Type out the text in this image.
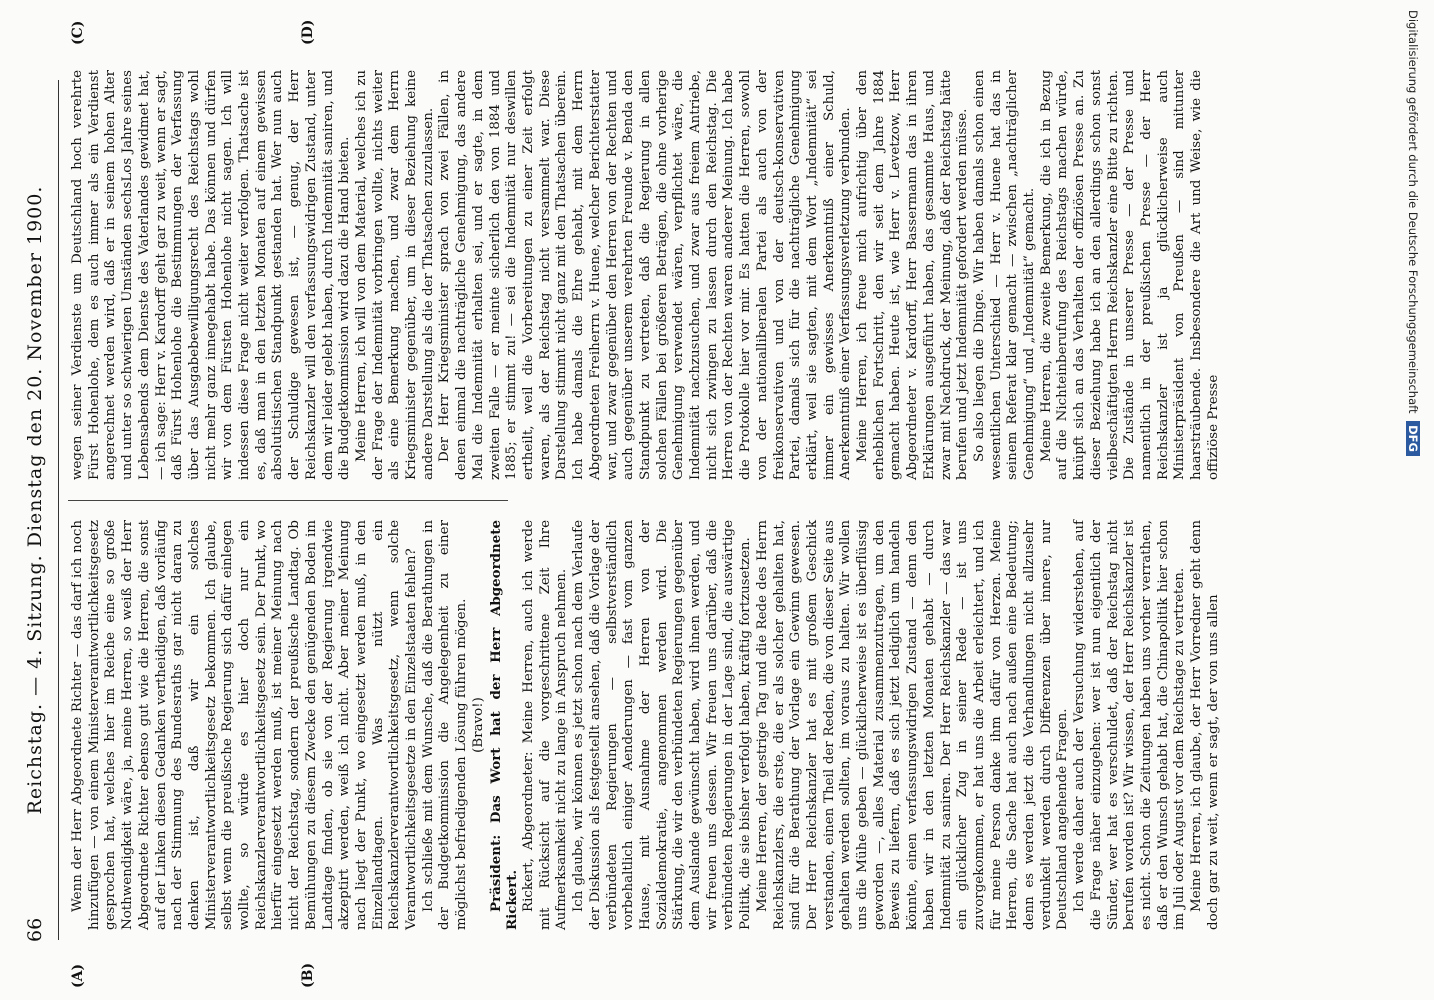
66
Reichstag. — 4. Sitzung. Dienstag den 20. November 1900.
(A)	(B)
(C)	(D)

Wenn der Herr Abgeordnete Richter — das darf ich noch hinzufügen — von einem Ministerverantwortlichkeitsgesetz gesprochen hat, welches hier im Reiche eine so große Nothwendigkeit wäre, ja, meine Herren, so weiß der Herr Abgeordnete Richter ebenso gut wie die Herren, die sonst auf der Linken diesen Gedanken vertheidigen, daß vorläufig nach der Stimmung des Bundesraths gar nicht daran zu denken ist, daß wir ein solches Ministerverantwortlichkeitsgesetz bekommen. Ich glaube, selbst wenn die preußische Regierung sich dafür einlegen wollte, so würde es hier doch nur ein Reichskanzlerverantwortlichkeitsgesetz sein. Der Punkt, wo hierfür eingesetzt werden muß, ist meiner Meinung nach nicht der Reichstag, sondern der preußische Landtag. Ob Bemühungen zu diesem Zwecke den genügenden Boden im Landtage finden, ob sie von der Regierung irgendwie akzeptirt werden, weiß ich nicht. Aber meiner Meinung nach liegt der Punkt, wo eingesetzt werden muß, in den Einzellandtagen. Was nützt ein Reichskanzlerverantwortlichkeitsgesetz, wenn solche Verantwortlichkeitsgesetze in den Einzelstaaten fehlen? Ich schließe mit dem Wunsche, daß die Berathungen in der Budgetkommission die Angelegenheit zu einer möglichst befriedigenden Lösung führen mögen. (Bravo!) Präsident: Das Wort hat der Herr Abgeordnete Rickert. Rickert, Abgeordneter: Meine Herren, auch ich werde mit Rücksicht auf die vorgeschrittene Zeit Ihre Aufmerksamkeit nicht zu lange in Anspruch nehmen. Ich glaube, wir können es jetzt schon nach dem Verlaufe der Diskussion als festgestellt ansehen, daß die Vorlage der verbündeten Regierungen — selbstverständlich vorbehaltlich einiger Aenderungen — fast vom ganzen Hause, mit Ausnahme der Herren von der Sozialdemokratie, angenommen werden wird. Die Stärkung, die wir den verbündeten Regierungen gegenüber dem Auslande gewünscht haben, wird ihnen werden, und wir freuen uns dessen. Wir freuen uns darüber, daß die verbündeten Regierungen in der Lage sind, die auswärtige Politik, die sie bisher verfolgt haben, kräftig fortzusetzen. Meine Herren, der gestrige Tag und die Rede des Herrn Reichskanzlers, die erste, die er als solcher gehalten hat, sind für die Berathung der Vorlage ein Gewinn gewesen. Der Herr Reichskanzler hat es mit großem Geschick verstanden, einen Theil der Reden, die von dieser Seite aus gehalten werden sollten, im voraus zu halten. Wir wollen uns die Mühe geben — glücklicherweise ist es überflüssig geworden —, alles Material zusammenzutragen, um den Beweis zu liefern, daß es sich jetzt lediglich um handeln könnte, einen verfassungswidrigen Zustand — denn den haben wir in den letzten Monaten gehabt — durch Indemnität zu saniren. Der Herr Reichskanzler — das war ein glücklicher Zug in seiner Rede — ist uns zuvorgekommen, er hat uns die Arbeit erleichtert, und ich für meine Person danke ihm dafür von Herzen. Meine Herren, die Sache hat auch nach außen eine Bedeutung; denn es werden jetzt die Verhandlungen nicht allzusehr verdunkelt werden durch Differenzen über innere, nur Deutschland angehende Fragen. Ich werde daher auch der Versuchung widerstehen, auf die Frage näher einzugehen: wer ist nun eigentlich der Sünder, wer hat es verschuldet, daß der Reichstag nicht berufen worden ist? Wir wissen, der Herr Reichskanzler ist es nicht. Schon die Zeitungen haben uns vorher verrathen, daß er den Wunsch gehabt hat, die Chinapolitik hier schon im Juli oder August vor dem Reichstage zu vertreten. Meine Herren, ich glaube, der Herr Vorredner geht denn doch gar zu weit, wenn er sagt, der von uns allen

wegen seiner Verdienste um Deutschland hoch verehrte Fürst Hohenlohe, dem es auch immer als ein Verdienst angerechnet werden wird, daß er in seinem hohen Alter und unter so schwierigen Umständen sechsLos Jahre seines Lebensabends dem Dienste des Vaterlandes gewidmet hat, — ich sage: Herr v. Kardorff geht gar zu weit, wenn er sagt, daß Fürst Hohenlohe die Bestimmungen der Verfassung über das Ausgabebewilligungsrecht des Reichstags wohl nicht mehr ganz innegehabt habe. Das können und dürfen wir von dem Fürsten Hohenlohe nicht sagen. Ich will indessen diese Frage nicht weiter verfolgen. Thatsache ist es, daß man in den letzten Monaten auf einem gewissen absolutistischen Standpunkt gestanden hat. Wer nun auch der Schuldige gewesen ist, — genug, der Herr Reichskanzler will den verfassungswidrigen Zustand, unter dem wir leider gelebt haben, durch Indemnität saniren, und die Budgetkommission wird dazu die Hand bieten. Meine Herren, ich will von dem Material, welches ich zu der Frage der Indemnität vorbringen wollte, nichts weiter als eine Bemerkung machen, und zwar dem Herrn Kriegsminister gegenüber, um in dieser Beziehung keine andere Darstellung als die der Thatsachen zuzulassen. Der Herr Kriegsminister sprach von zwei Fällen, in denen einmal die nachträgliche Genehmigung, das andere Mal die Indemnität erhalten sei, und er sagte, in dem zweiten Falle — er meinte sicherlich den von 1884 und 1885; er stimmt zu! — sei die Indemnität nur deswillen ertheilt, weil die Vorbereitungen zu einer Zeit erfolgt waren, als der Reichstag nicht versammelt war. Diese Darstellung stimmt nicht ganz mit den Thatsachen überein. Ich habe damals die Ehre gehabt, mit dem Herrn Abgeordneten Freiherrn v. Huene, welcher Berichterstatter war, und zwar gegenüber den Herren von der Rechten und auch gegenüber unserem verehrten Freunde v. Benda den Standpunkt zu vertreten, daß die Regierung in allen solchen Fällen bei größeren Beträgen, die ohne vorherige Genehmigung verwendet wären, verpflichtet wäre, die Indemnität nachzusuchen, und zwar aus freiem Antriebe, nicht sich zwingen zu lassen durch den Reichstag. Die Herren von der Rechten waren anderer Meinung. Ich habe die Protokolle hier vor mir. Es hatten die Herren, sowohl von der nationalliberalen Partei als auch von der freikonservativen und von der deutsch-konservativen Partei, damals sich für die nachträgliche Genehmigung erklärt, weil sie sagten, mit dem Wort „Indemnität“ sei immer ein gewisses Anerkenntniß einer Schuld, Anerkenntniß einer Verfassungsverletzung verbunden. Meine Herren, ich freue mich aufrichtig über den erheblichen Fortschritt, den wir seit dem Jahre 1884 gemacht haben. Heute ist, wie Herr v. Levetzow, Herr Abgeordneter v. Kardorff, Herr Bassermann das in ihren Erklärungen ausgeführt haben, das gesammte Haus, und zwar mit Nachdruck, der Meinung, daß der Reichstag hätte berufen und jetzt Indemnität gefordert werden müsse. So also liegen die Dinge. Wir haben damals schon einen wesentlichen Unterschied — Herr v. Huene hat das in seinem Referat klar gemacht — zwischen „nachträglicher Genehmigung“ und „Indemnität“ gemacht. Meine Herren, die zweite Bemerkung, die ich in Bezug auf die Nichteinberufung des Reichstags machen würde, knüpft sich an das Verhalten der offiziösen Presse an. Zu dieser Beziehung habe ich an den allerdings schon sonst vielbeschäftigten Herrn Reichskanzler eine Bitte zu richten. Die Zustände in unserer Presse — der Presse und namentlich in der preußischen Presse — der Herr Reichskanzler ist ja glücklicherweise auch Ministerpräsident von Preußen — sind mitunter haarsträubende. Insbesondere die Art und Weise, wie die offiziöse Presse

Digitalisierung gefördert durch die Deutsche Forschungsgemeinschaft DFG
